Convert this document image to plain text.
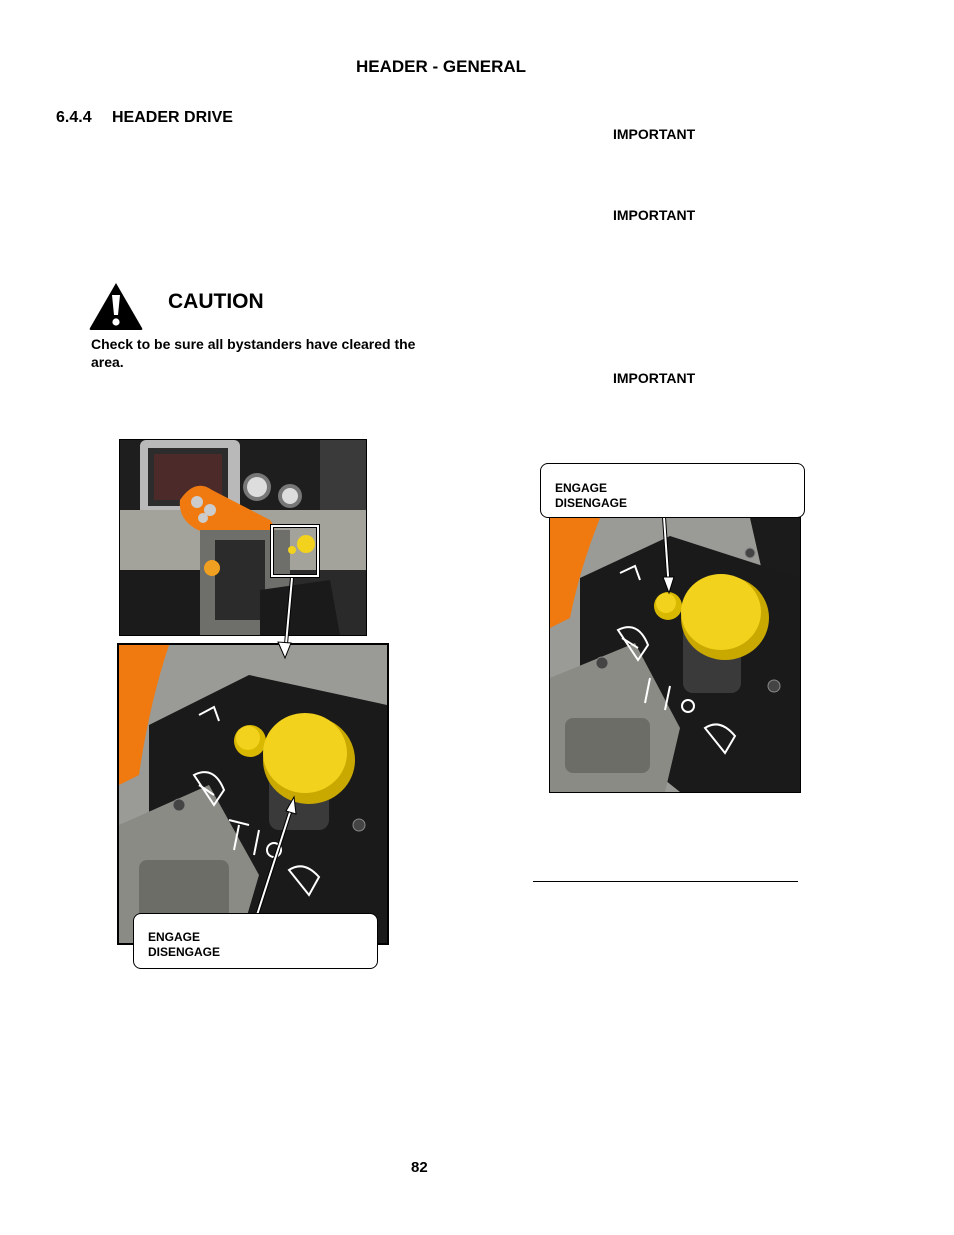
HEADER - GENERAL
6.4.4 HEADER DRIVE
IMPORTANT
IMPORTANT
IMPORTANT
CAUTION
Check to be sure all bystanders have cleared the area.
ENGAGE
DISENGAGE
ENGAGE
DISENGAGE
82
